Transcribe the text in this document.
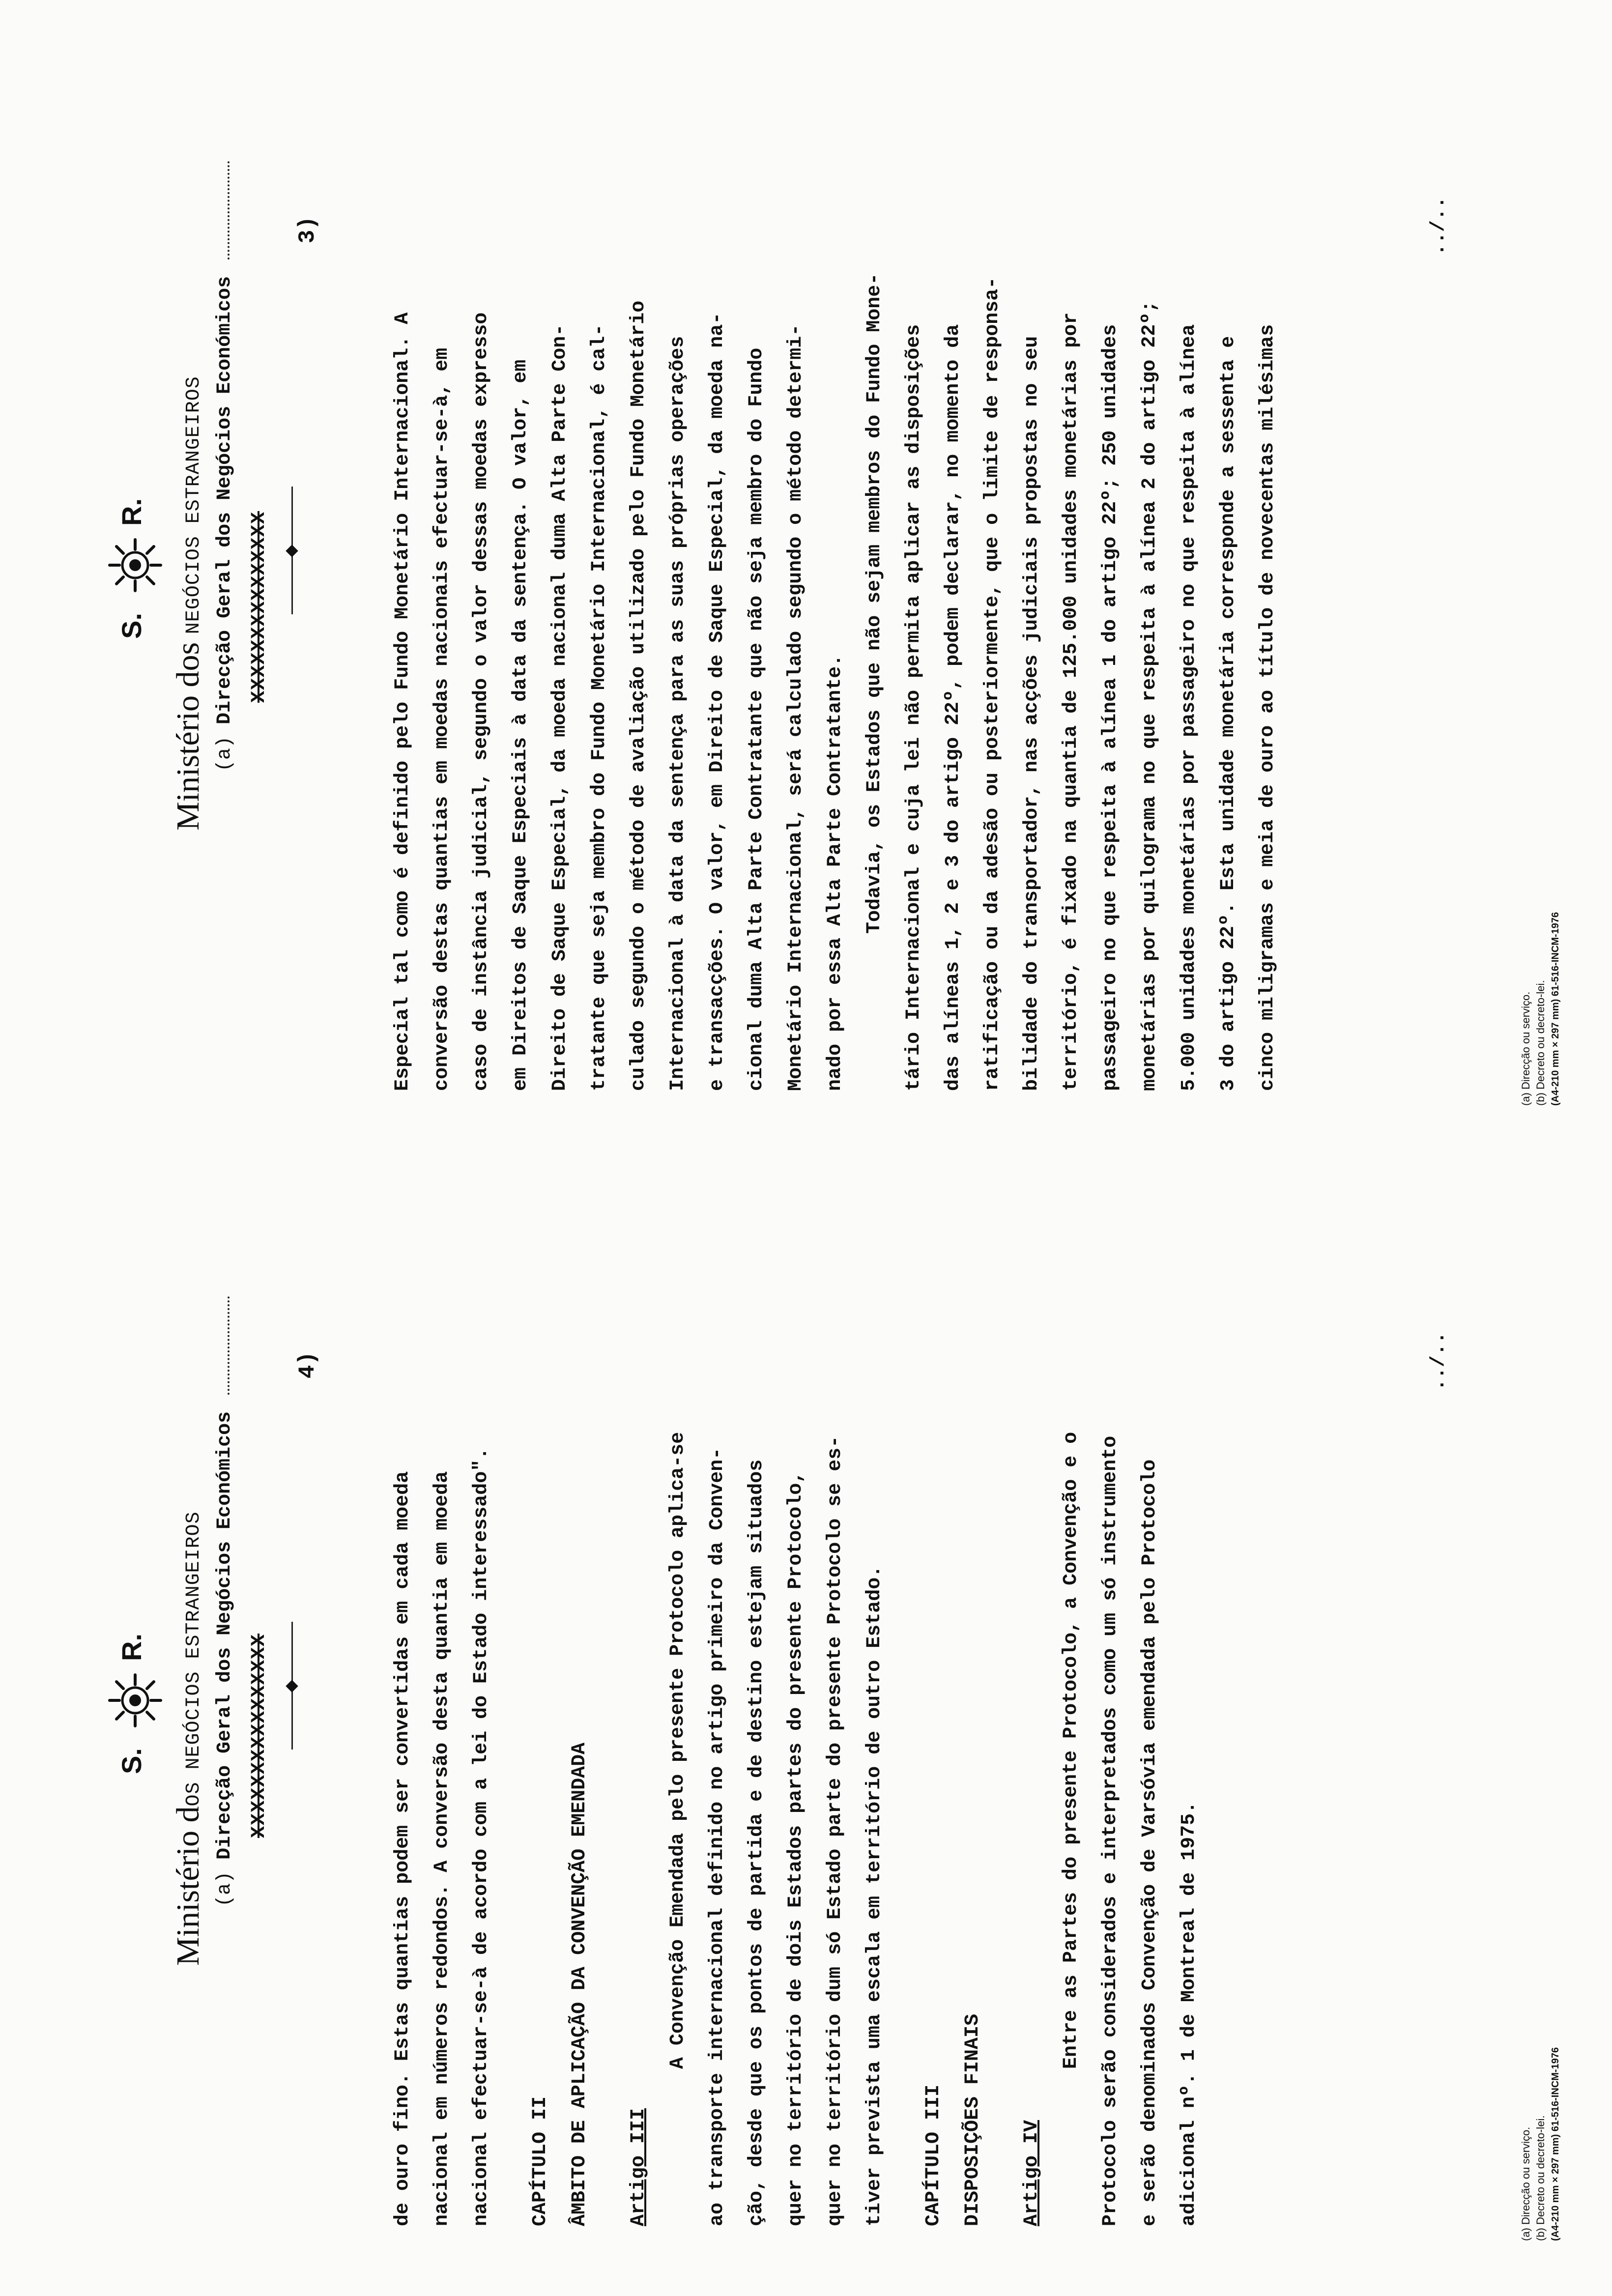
S.
R.
Ministério dos NEGÓCIOS ESTRANGEIROS
(a) Direcção Geral dos Negócios Económicos XXXXXXXXXXXXXXX
3)

Especial tal como é definido pelo Fundo Monetário Internacional. A conversão destas quantias em moedas nacionais efectuar-se-à, em caso de instância judicial, segundo o valor dessas moedas expresso em Direitos de Saque Especiais à data da sentença. O valor, em Direito de Saque Especial, da moeda nacional duma Alta Parte Con- tratante que seja membro do Fundo Monetário Internacional, é cal- culado segundo o método de avaliação utilizado pelo Fundo Monetário Internacional à data da sentença para as suas próprias operações e transacções. O valor, em Direito de Saque Especial, da moeda na- cional duma Alta Parte Contratante que não seja membro do Fundo Monetário Internacional, será calculado segundo o método determi- nado por essa Alta Parte Contratante. Todavia, os Estados que não sejam membros do Fundo Mone- tário Internacional e cuja lei não permita aplicar as disposições das alíneas 1, 2 e 3 do artigo 22º, podem declarar, no momento da ratificação ou da adesão ou posteriormente, que o limite de responsa- bilidade do transportador, nas acções judiciais propostas no seu território, é fixado na quantia de 125.000 unidades monetárias por passageiro no que respeita à alínea 1 do artigo 22º; 250 unidades monetárias por quilograma no que respeita à alínea 2 do artigo 22º; 5.000 unidades monetárias por passageiro no que respeita à alínea 3 do artigo 22º. Esta unidade monetária corresponde a sessenta e cinco miligramas e meia de ouro ao título de novecentas milésimas

../..
(a) Direcção ou serviço. (b) Decreto ou decreto-lei. (A4-210 mm × 297 mm) 61-516-INCM-1976
S.
R.
Ministério dOS NEGÓCIOS ESTRANGEIROS
(a) Direcção Geral dos Negócios Económicos XXXXXXXXXXXXXXXX
4)

de ouro fino. Estas quantias podem ser convertidas em cada moeda nacional em números redondos. A conversão desta quantia em moeda nacional efectuar-se-à de acordo com a lei do Estado interessado".	CAPÍTULO II ÂMBITO DE APLICAÇÃO DA CONVENÇÃO EMENDADA	Artigo III

A Convenção Emendada pelo presente Protocolo aplica-se ao transporte internacional definido no artigo primeiro da Conven- ção, desde que os pontos de partida e de destino estejam situados quer no território de dois Estados partes do presente Protocolo, quer no território dum só Estado parte do presente Protocolo se es- tiver prevista uma escala em território de outro Estado.	CAPÍTULO III DISPOSIÇÕES FINAIS	Artigo IV

Entre as Partes do presente Protocolo, a Convenção e o Protocolo serão considerados e interpretados como um só instrumento e serão denominados Convenção de Varsóvia emendada pelo Protocolo adicional nº. 1 de Montreal de 1975.

../..
(a) Direcção ou serviço. (b) Decreto ou decreto-lei. (A4-210 mm × 297 mm) 61-516-INCM-1976
